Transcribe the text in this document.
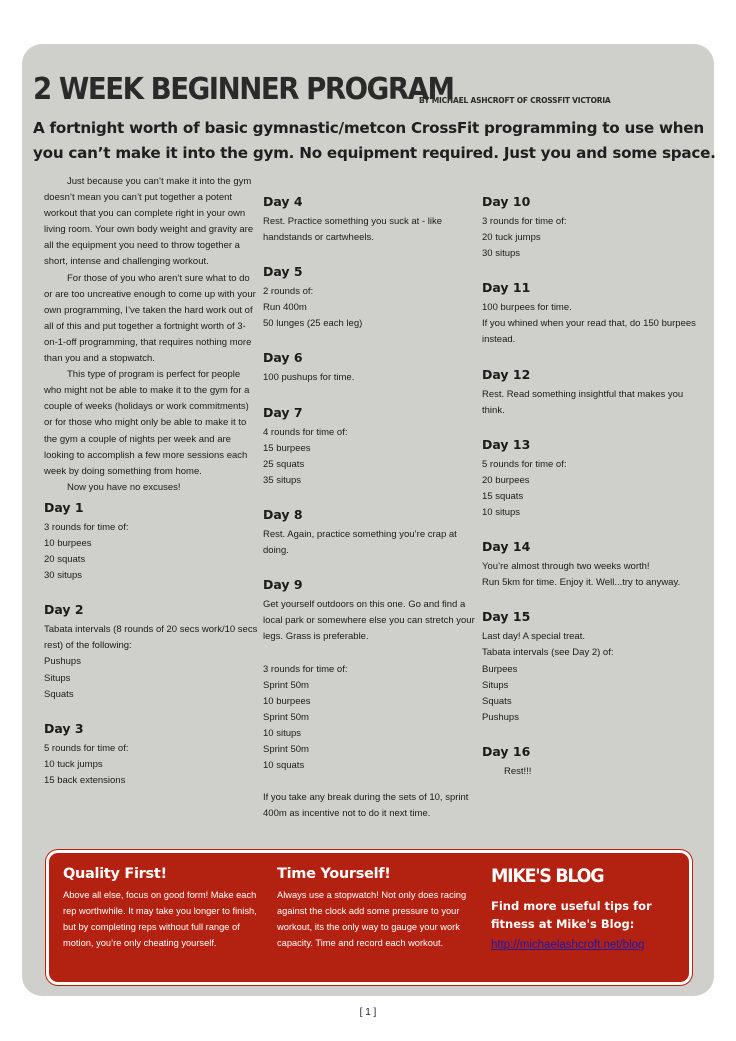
2 WEEK BEGINNER PROGRAM
BY MICHAEL ASHCROFT OF CROSSFIT VICTORIA
A fortnight worth of basic gymnastic/metcon CrossFit programming to use when you can’t make it into the gym. No equipment required. Just you and some space.

Just because you can’t make it into the gym doesn’t mean you can’t put together a potent workout that you can complete right in your own living room. Your own body weight and gravity are all the equipment you need to throw together a short, intense and challenging workout.

For those of you who aren’t sure what to do or are too uncreative enough to come up with your own programming, I’ve taken the hard work out of all of this and put together a fortnight worth of 3-on-1-off programming, that requires nothing more than you and a stopwatch.

This type of program is perfect for people who might not be able to make it to the gym for a couple of weeks (holidays or work commitments) or for those who might only be able to make it to the gym a couple of nights per week and are looking to accomplish a few more sessions each week by doing something from home.

Now you have no excuses!

Day 1
3 rounds for time of:
10 burpees
20 squats
30 situps
Day 2
Tabata intervals (8 rounds of 20 secs work/10 secs rest) of the following:
Pushups
Situps
Squats
Day 3
5 rounds for time of:
10 tuck jumps
15 back extensions
Day 4
Rest. Practice something you suck at - like handstands or cartwheels.
Day 5
2 rounds of:
Run 400m
50 lunges (25 each leg)
Day 6
100 pushups for time.
Day 7
4 rounds for time of:
15 burpees
25 squats
35 situps
Day 8
Rest. Again, practice something you’re crap at doing.
Day 9
Get yourself outdoors on this one. Go and find a local park or somewhere else you can stretch your legs. Grass is preferable.
3 rounds for time of:
Sprint 50m
10 burpees
Sprint 50m
10 situps
Sprint 50m
10 squats
If you take any break during the sets of 10, sprint 400m as incentive not to do it next time.
Day 10
3 rounds for time of:
20 tuck jumps
30 situps
Day 11
100 burpees for time.
If you whined when your read that, do 150 burpees instead.
Day 12
Rest. Read something insightful that makes you think.
Day 13
5 rounds for time of:
20 burpees
15 squats
10 situps
Day 14
You’re almost through two weeks worth!
Run 5km for time. Enjoy it. Well...try to anyway.
Day 15
Last day! A special treat.
Tabata intervals (see Day 2) of:
Burpees
Situps
Squats
Pushups
Day 16
Rest!!!
Quality First!
Above all else, focus on good form! Make each rep worthwhile. It may take you longer to finish, but by completing reps without full range of motion, you’re only cheating yourself.
Time Yourself!
Always use a stopwatch! Not only does racing against the clock add some pressure to your workout, its the only way to gauge your work capacity. Time and record each workout.
MIKE'S BLOG
Find more useful tips for fitness at Mike's Blog:
http://michaelashcroft.net/blog
[ 1 ]
